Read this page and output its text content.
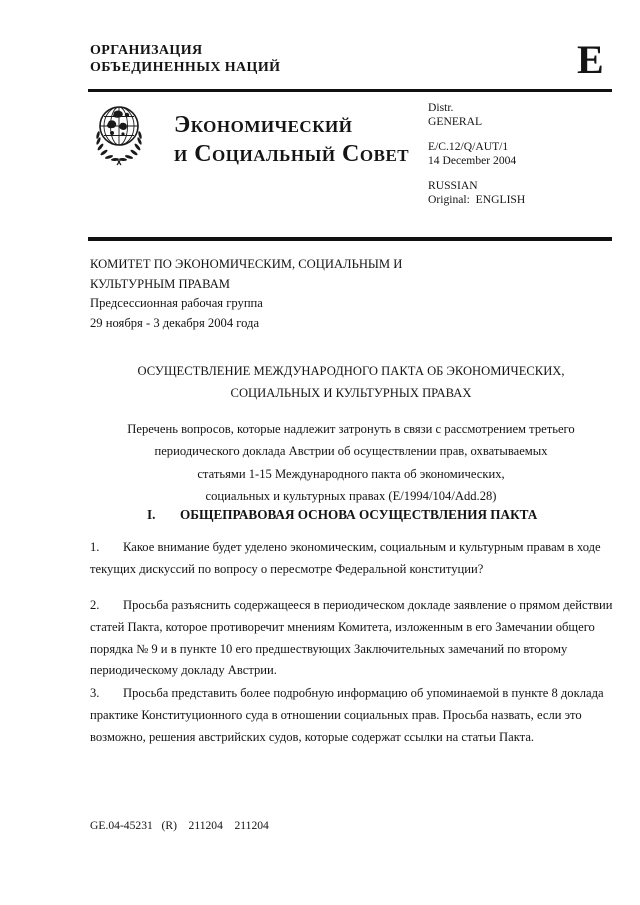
ОРГАНИЗАЦИЯ
ОБЪЕДИНЕННЫХ НАЦИЙ	E
Экономический
и Социальный Совет
Distr.
GENERAL
E/C.12/Q/AUT/1
14 December 2004
RUSSIAN
Original:  ENGLISH
КОМИТЕТ ПО ЭКОНОМИЧЕСКИМ, СОЦИАЛЬНЫМ И
КУЛЬТУРНЫМ ПРАВАМ
Предсессионная рабочая группа
29 ноября - 3 декабря 2004 года
ОСУЩЕСТВЛЕНИЕ МЕЖДУНАРОДНОГО ПАКТА ОБ ЭКОНОМИЧЕСКИХ,
СОЦИАЛЬНЫХ И КУЛЬТУРНЫХ ПРАВАХ
Перечень вопросов, которые надлежит затронуть в связи с рассмотрением третьего
периодического доклада Австрии об осуществлении прав, охватываемых
статьями 1-15 Международного пакта об экономических,
социальных и культурных правах (E/1994/104/Add.28)
I. ОБЩЕПРАВОВАЯ ОСНОВА ОСУЩЕСТВЛЕНИЯ ПАКТА

1. Какое внимание будет уделено экономическим, социальным и культурным правам в ходе текущих дискуссий по вопросу о пересмотре Федеральной конституции?

2. Просьба разъяснить содержащееся в периодическом докладе заявление о прямом действии статей Пакта, которое противоречит мнениям Комитета, изложенным в его Замечании общего порядка № 9 и в пункте 10 его предшествующих Заключительных замечаний по второму периодическому докладу Австрии.

3. Просьба представить более подробную информацию об упоминаемой в пункте 8 доклада практике Конституционного суда в отношении социальных прав. Просьба назвать, если это возможно, решения австрийских судов, которые содержат ссылки на статьи Пакта.

GE.04-45231   (R)    211204    211204
